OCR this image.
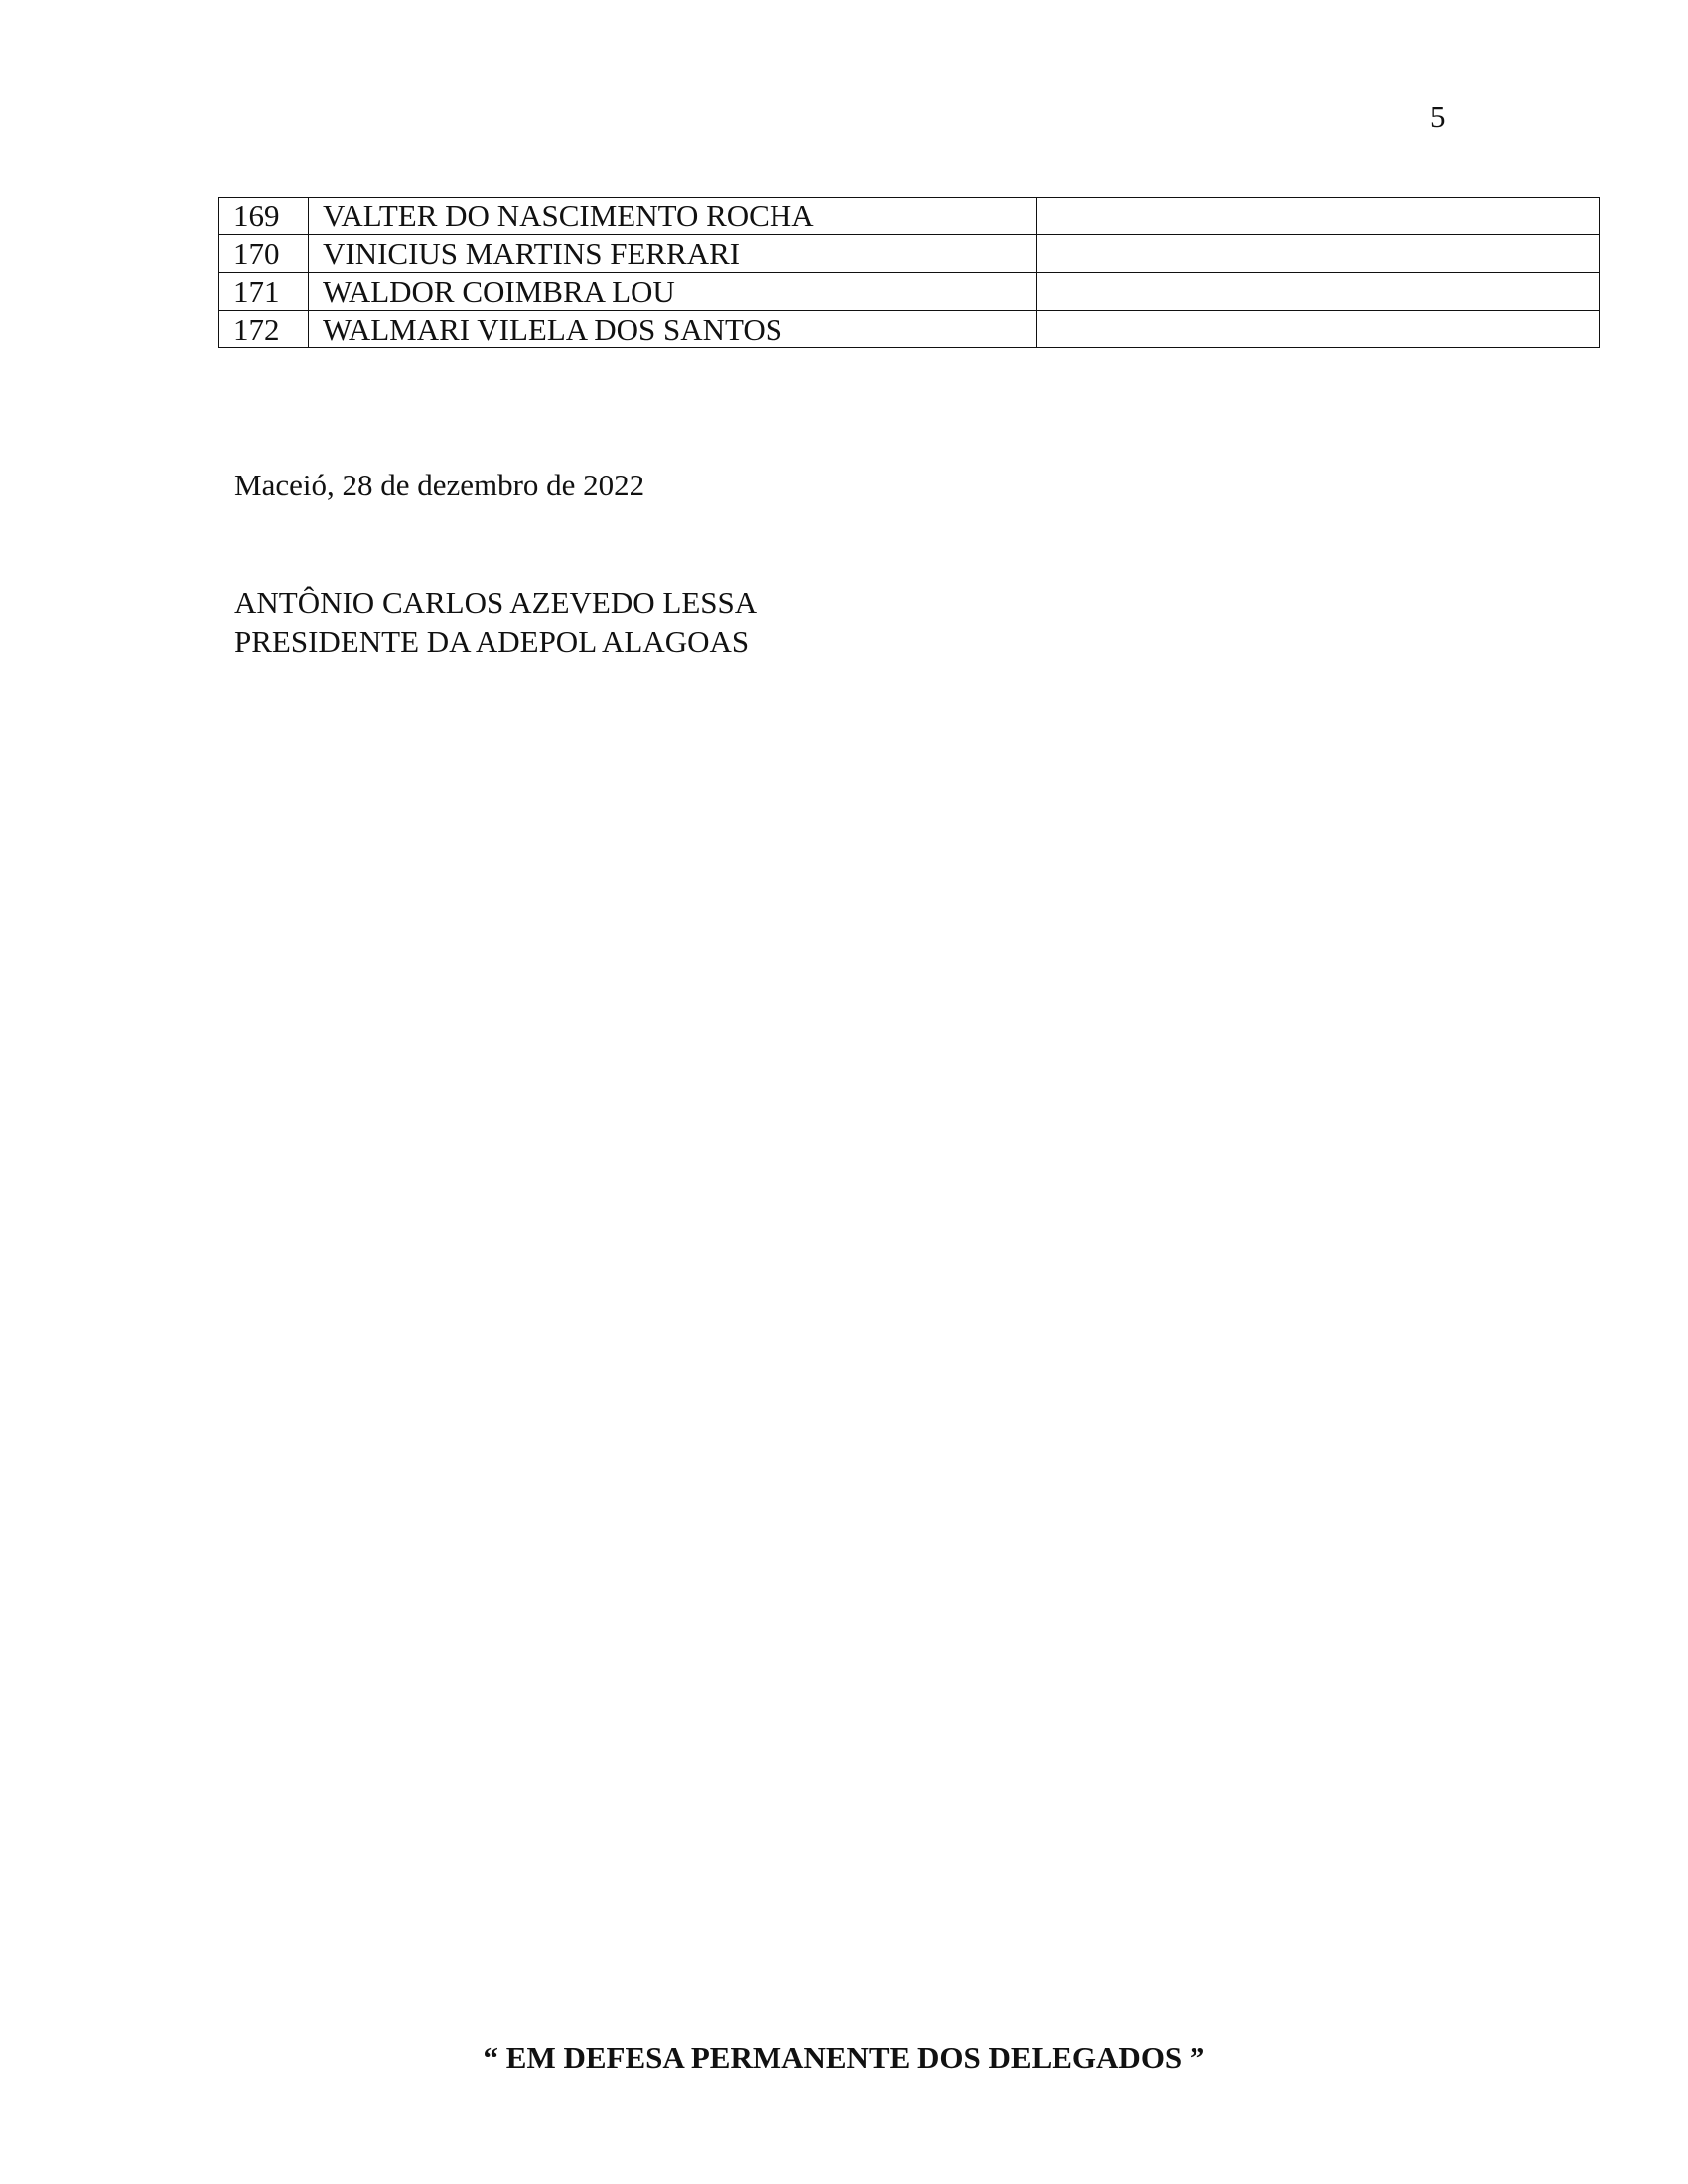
5
169	VALTER DO NASCIMENTO ROCHA	
170	VINICIUS MARTINS FERRARI	
171	WALDOR COIMBRA LOU	
172	WALMARI VILELA DOS SANTOS	
Maceió, 28 de dezembro de 2022
ANTÔNIO CARLOS AZEVEDO LESSA
PRESIDENTE DA ADEPOL ALAGOAS
“ EM DEFESA PERMANENTE DOS DELEGADOS ”
